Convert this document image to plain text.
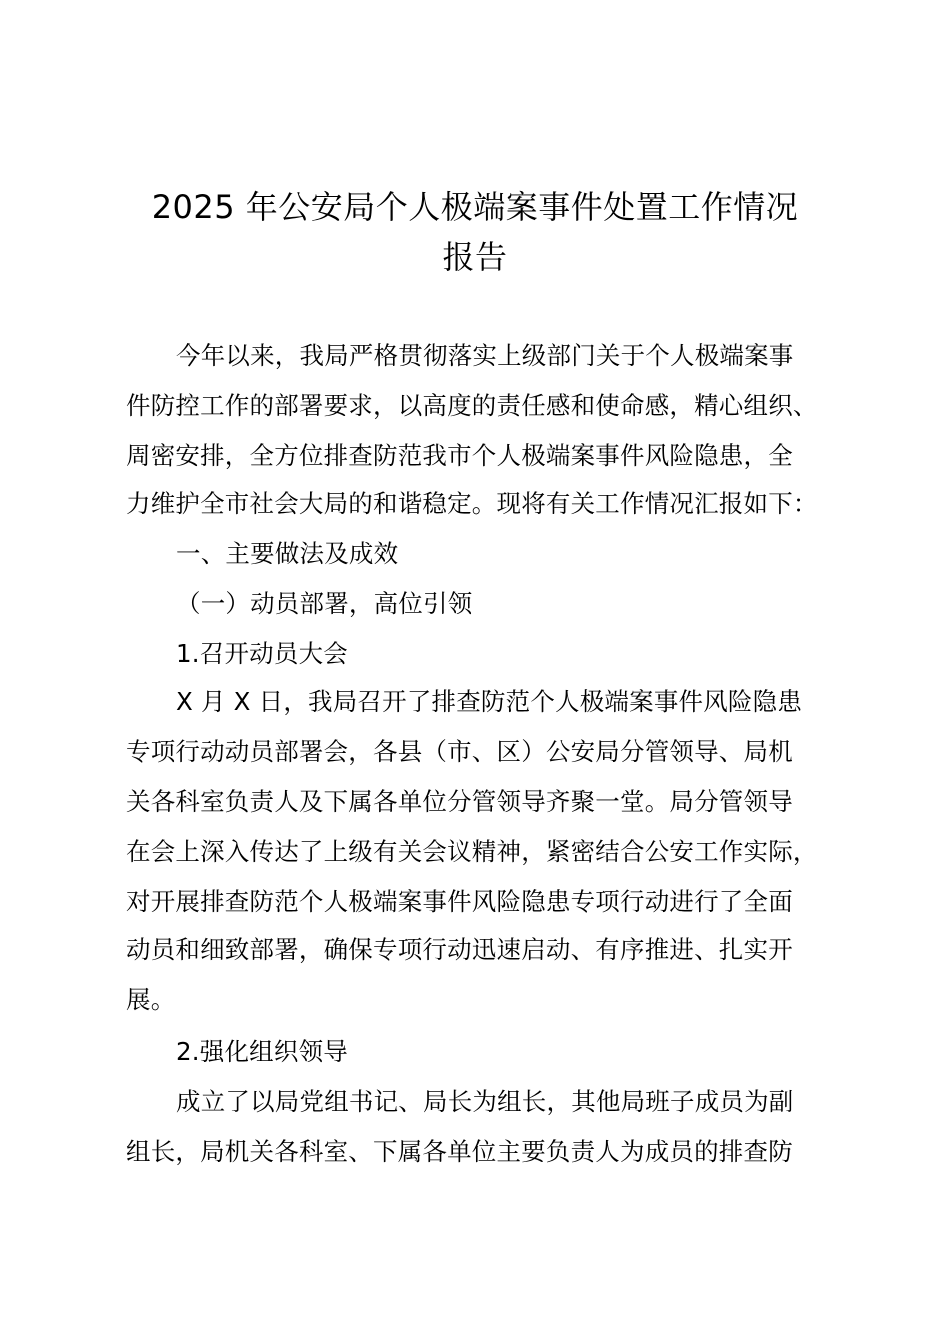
2025 年公安局个人极端案事件处置工作情况
报告
今年以来，我局严格贯彻落实上级部门关于个人极端案事
件防控工作的部署要求，以高度的责任感和使命感，精心组织、
周密安排，全方位排查防范我市个人极端案事件风险隐患，全
力维护全市社会大局的和谐稳定。现将有关工作情况汇报如下：
一、主要做法及成效
（一）动员部署，高位引领
1.召开动员大会
X 月 X 日，我局召开了排查防范个人极端案事件风险隐患
专项行动动员部署会，各县（市、区）公安局分管领导、局机
关各科室负责人及下属各单位分管领导齐聚一堂。局分管领导
在会上深入传达了上级有关会议精神，紧密结合公安工作实际，
对开展排查防范个人极端案事件风险隐患专项行动进行了全面
动员和细致部署，确保专项行动迅速启动、有序推进、扎实开
展。
2.强化组织领导
成立了以局党组书记、局长为组长，其他局班子成员为副
组长，局机关各科室、下属各单位主要负责人为成员的排查防
